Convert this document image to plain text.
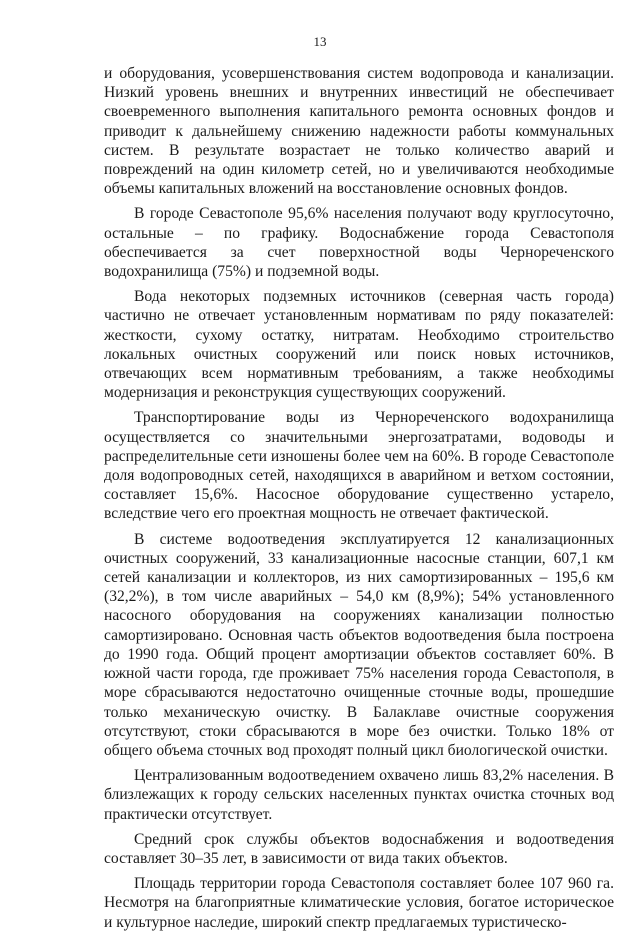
13

и оборудования, усовершенствования систем водопровода и канализации. Низкий уровень внешних и внутренних инвестиций не обеспечивает своевременного выполнения капитального ремонта основных фондов и приводит к дальнейшему снижению надежности работы коммунальных систем. В результате возрастает не только количество аварий и повреждений на один километр сетей, но и увеличиваются необходимые объемы капитальных вложений на восстановление основных фондов.

В городе Севастополе 95,6% населения получают воду круглосуточно, остальные – по графику. Водоснабжение города Севастополя обеспечивается за счет поверхностной воды Чернореченского водохранилища (75%) и подземной воды.

Вода некоторых подземных источников (северная часть города) частично не отвечает установленным нормативам по ряду показателей: жесткости, сухому остатку, нитратам. Необходимо строительство локальных очистных сооружений или поиск новых источников, отвечающих всем нормативным требованиям, а также необходимы модернизация и реконструкция существующих сооружений.

Транспортирование воды из Чернореченского водохранилища осуществляется со значительными энергозатратами, водоводы и распределительные сети изношены более чем на 60%. В городе Севастополе доля водопроводных сетей, находящихся в аварийном и ветхом состоянии, составляет 15,6%. Насосное оборудование существенно устарело, вследствие чего его проектная мощность не отвечает фактической.

В системе водоотведения эксплуатируется 12 канализационных очистных сооружений, 33 канализационные насосные станции, 607,1 км сетей канализации и коллекторов, из них самортизированных – 195,6 км (32,2%), в том числе аварийных – 54,0 км (8,9%); 54% установленного насосного оборудования на сооружениях канализации полностью самортизировано. Основная часть объектов водоотведения была построена до 1990 года. Общий процент амортизации объектов составляет 60%. В южной части города, где проживает 75% населения города Севастополя, в море сбрасываются недостаточно очищенные сточные воды, прошедшие только механическую очистку. В Балаклаве очистные сооружения отсутствуют, стоки сбрасываются в море без очистки. Только 18% от общего объема сточных вод проходят полный цикл биологической очистки.

Централизованным водоотведением охвачено лишь 83,2% населения. В близлежащих к городу сельских населенных пунктах очистка сточных вод практически отсутствует.

Средний срок службы объектов водоснабжения и водоотведения составляет 30–35 лет, в зависимости от вида таких объектов.

Площадь территории города Севастополя составляет более 107 960 га. Несмотря на благоприятные климатические условия, богатое историческое и культурное наследие, широкий спектр предлагаемых туристическо-
